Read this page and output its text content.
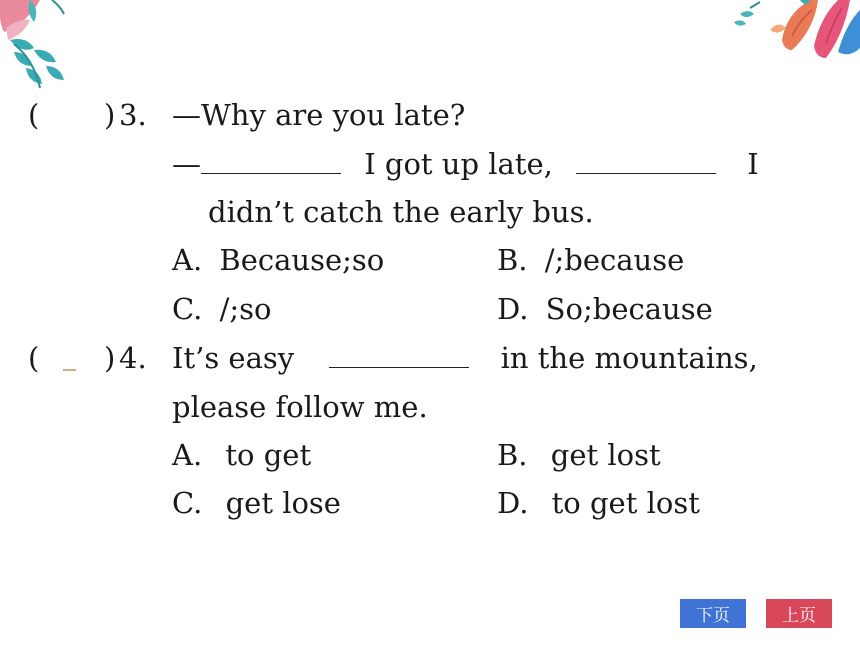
( ) 3. —Why are you late?
—	I got up late,	I
didn’t catch the early bus.
A. Because;so	B. /;because
C. /;so	D. So;because
( ) 4. It’s easy	in the mountains,
please follow me.
A. to get	B. get lost
C. get lose	D. to get lost
下页	上页
